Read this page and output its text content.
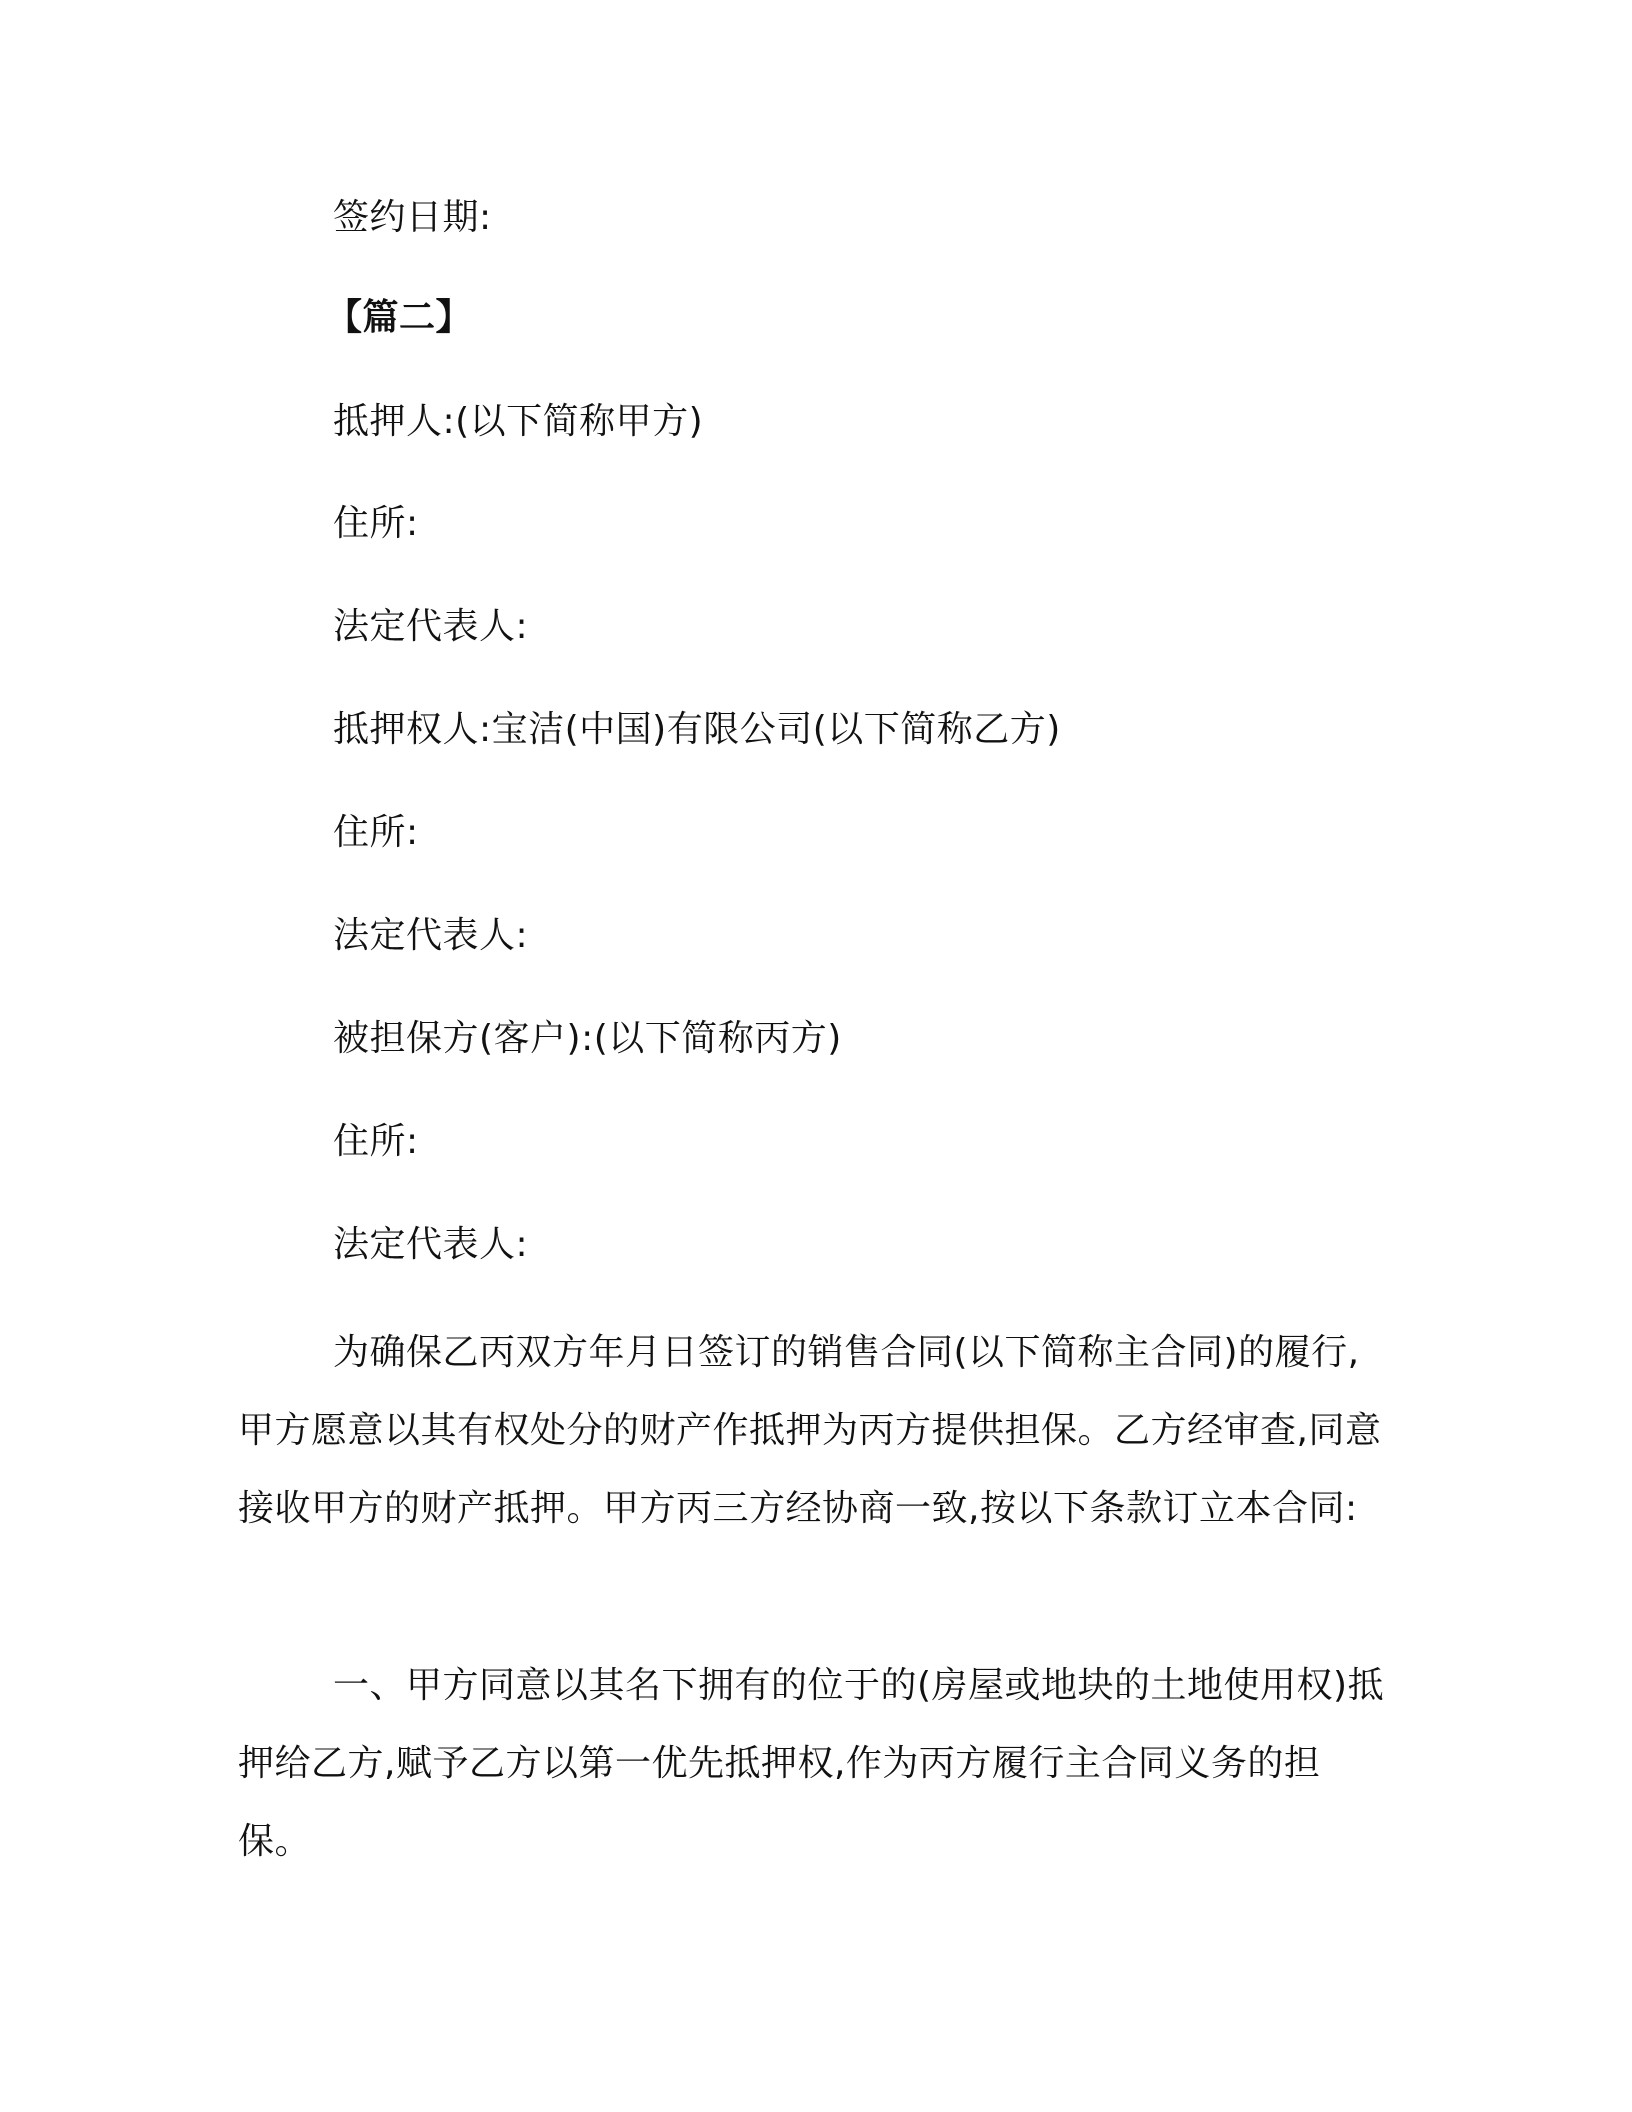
签约日期:
【篇二】
抵押人:(以下简称甲方)
住所:
法定代表人:
抵押权人:宝洁(中国)有限公司(以下简称乙方)
住所:
法定代表人:
被担保方(客户):(以下简称丙方)
住所:
法定代表人:

为确保乙丙双方年月日签订的销售合同(以下简称主合同)的履行,甲方愿意以其有权处分的财产作抵押为丙方提供担保。乙方经审查,同意接收甲方的财产抵押。甲方丙三方经协商一致,按以下条款订立本合同:

一、甲方同意以其名下拥有的位于的(房屋或地块的土地使用权)抵押给乙方,赋予乙方以第一优先抵押权,作为丙方履行主合同义务的担保。
